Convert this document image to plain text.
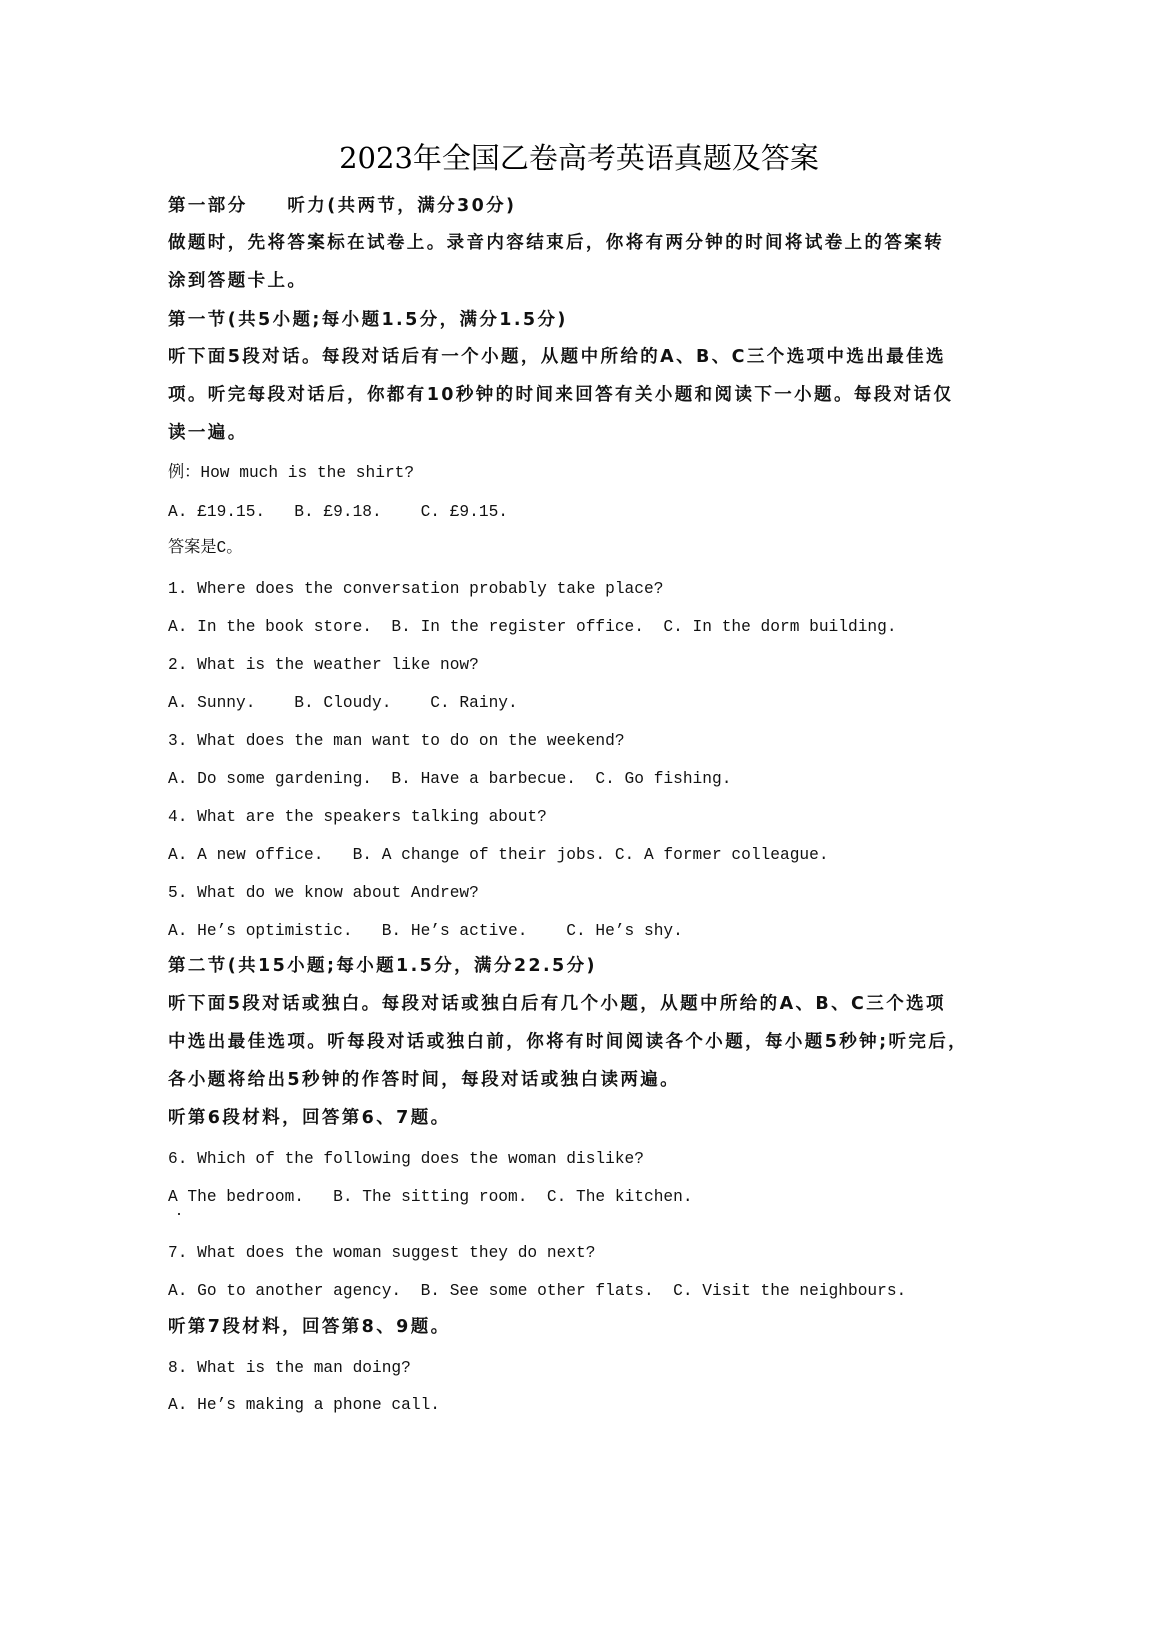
2023年全国乙卷高考英语真题及答案
第一部分　　听力(共两节，满分30分)
做题时，先将答案标在试卷上。录音内容结束后，你将有两分钟的时间将试卷上的答案转
涂到答题卡上。
第一节(共5小题;每小题1.5分，满分1.5分)
听下面5段对话。每段对话后有一个小题，从题中所给的A、B、C三个选项中选出最佳选
项。听完每段对话后，你都有10秒钟的时间来回答有关小题和阅读下一小题。每段对话仅
读一遍。
例：How much is the shirt?
A. £19.15.   B. £9.18.    C. £9.15.
答案是C。
1. Where does the conversation probably take place?
A. In the book store.  B. In the register office.  C. In the dorm building.
2. What is the weather like now?
A. Sunny.    B. Cloudy.    C. Rainy.
3. What does the man want to do on the weekend?
A. Do some gardening.  B. Have a barbecue.  C. Go fishing.
4. What are the speakers talking about?
A. A new office.   B. A change of their jobs. C. A former colleague.
5. What do we know about Andrew?
A. He’s optimistic.   B. He’s active.    C. He’s shy.
第二节(共15小题;每小题1.5分，满分22.5分)
听下面5段对话或独白。每段对话或独白后有几个小题，从题中所给的A、B、C三个选项
中选出最佳选项。听每段对话或独白前，你将有时间阅读各个小题，每小题5秒钟;听完后，
各小题将给出5秒钟的作答时间，每段对话或独白读两遍。
听第6段材料，回答第6、7题。
6. Which of the following does the woman dislike?
A The bedroom.   B. The sitting room.  C. The kitchen.
7. What does the woman suggest they do next?
A. Go to another agency.  B. See some other flats.  C. Visit the neighbours.
听第7段材料，回答第8、9题。
8. What is the man doing?
A. He’s making a phone call.
